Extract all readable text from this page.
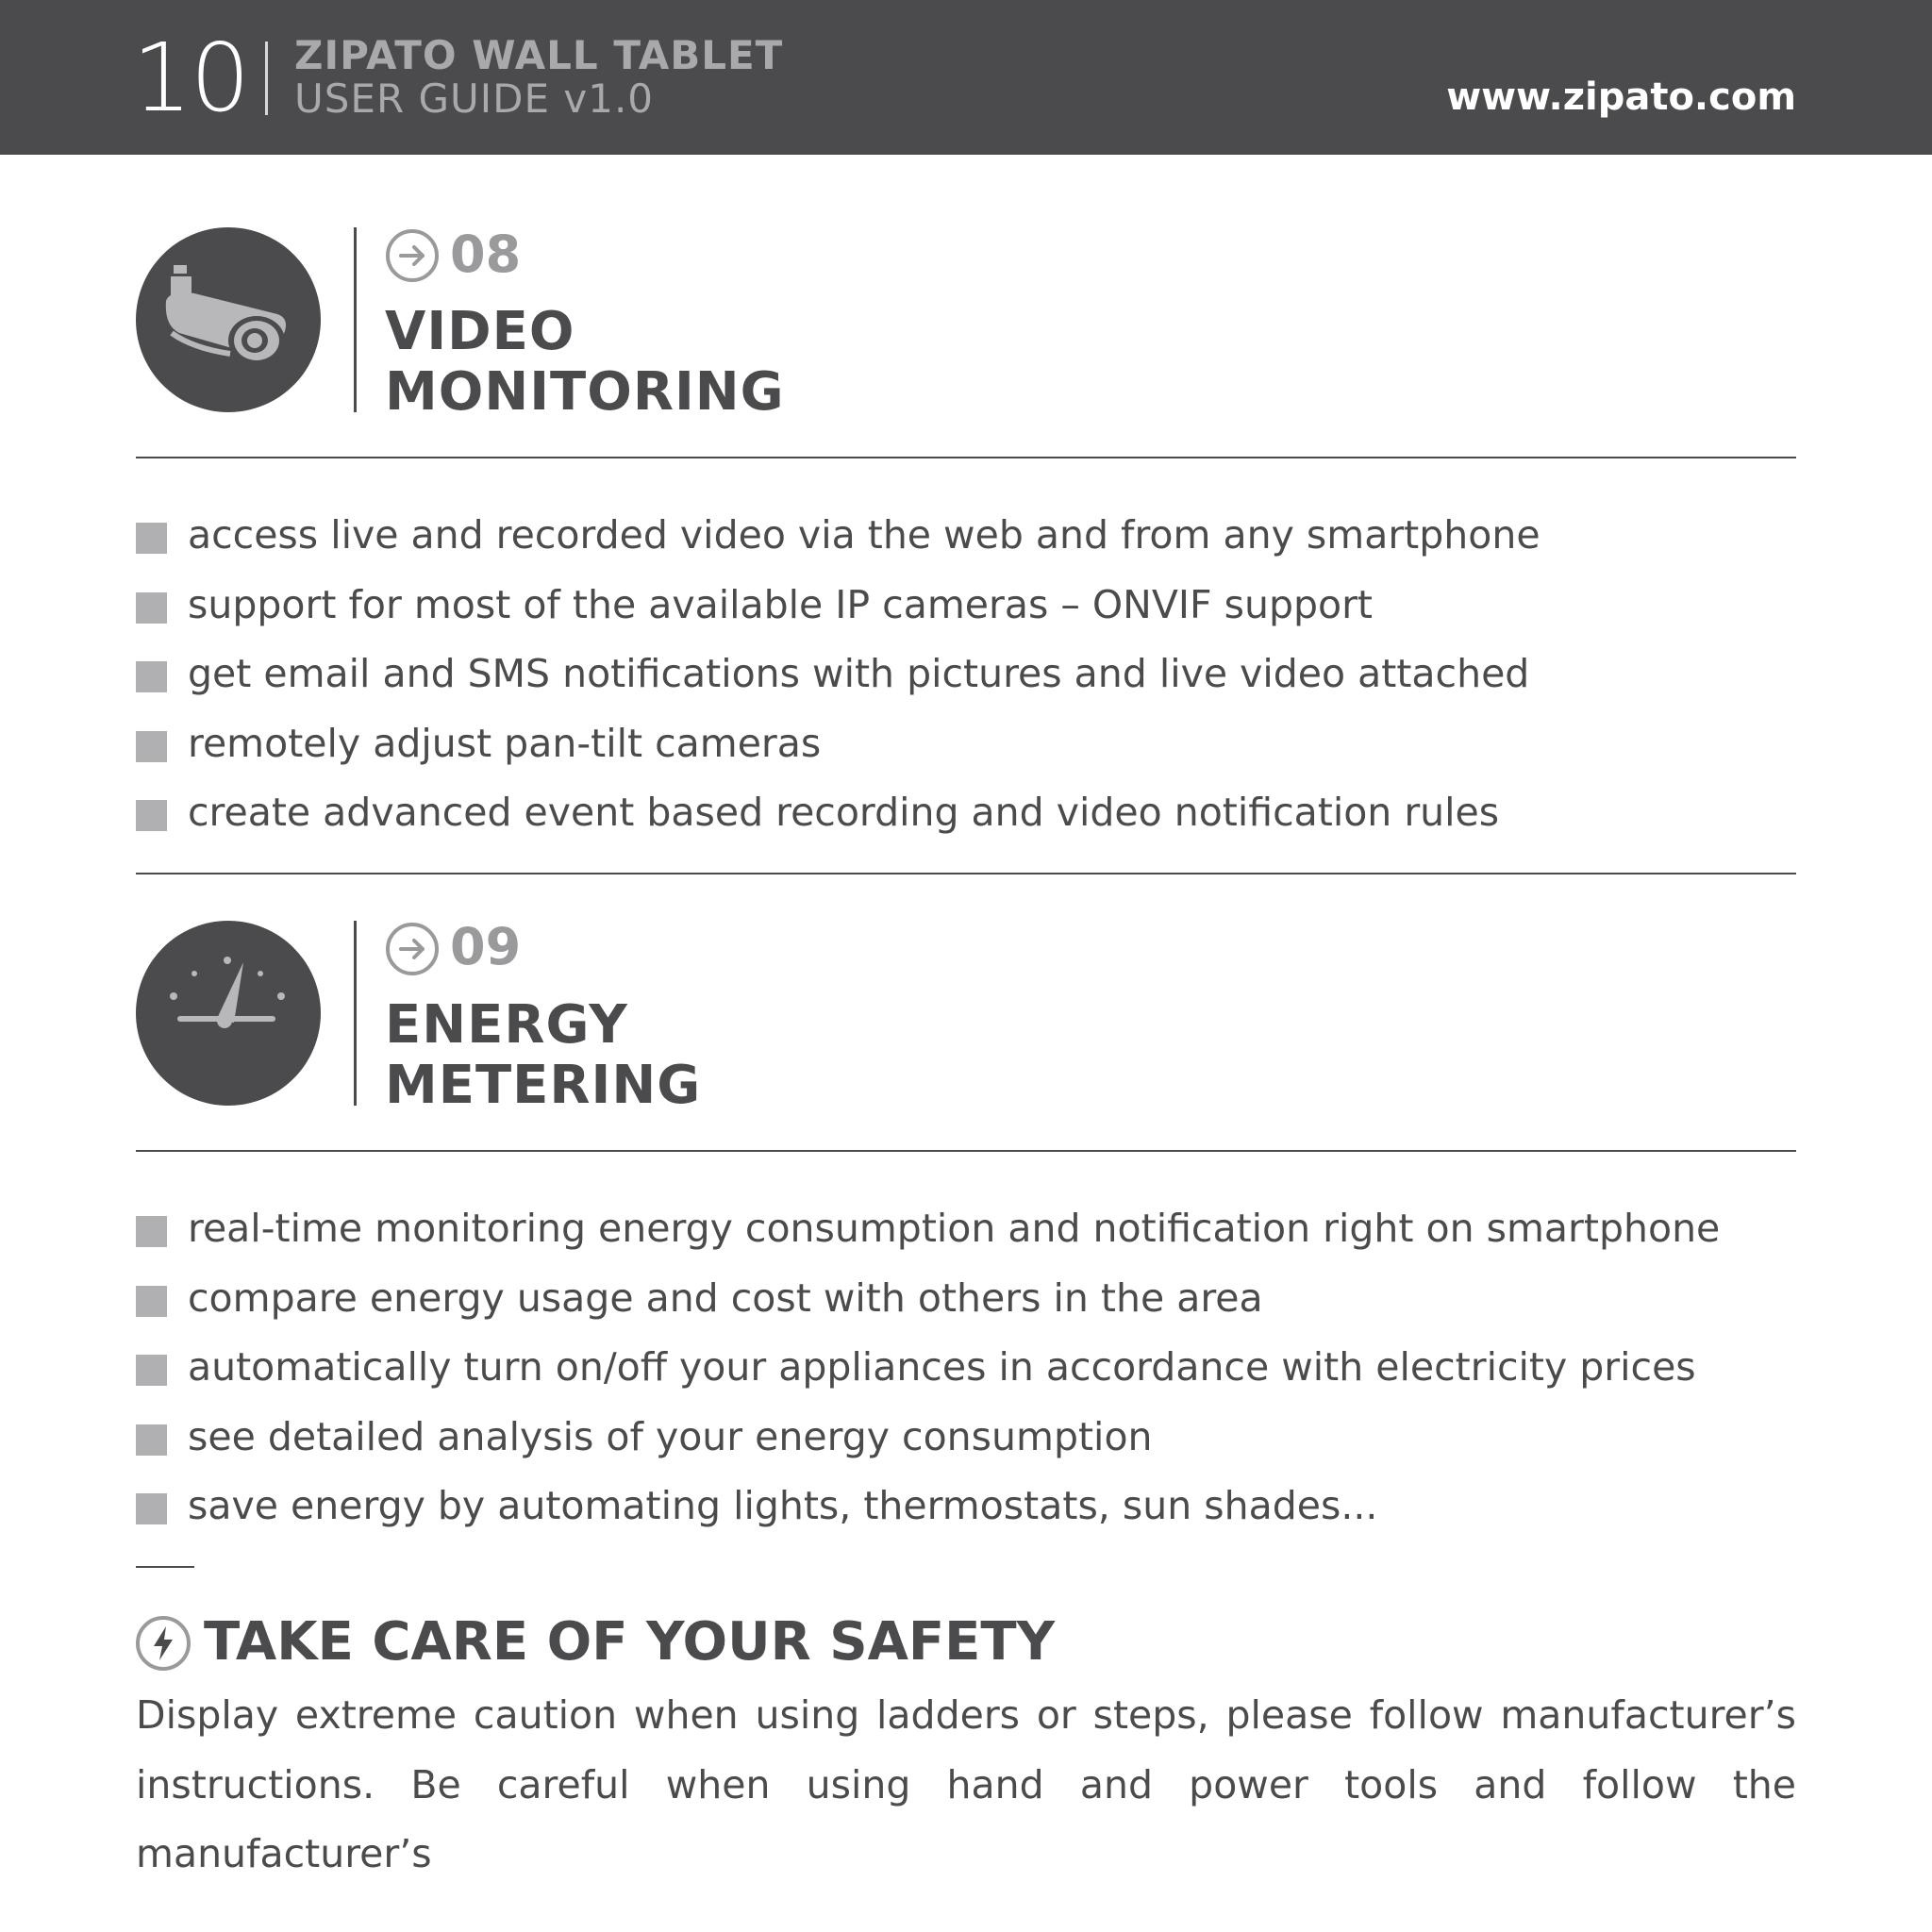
10 ZIPATO WALL TABLET
USER GUIDE v1.0	www.zipato.com
08
VIDEO
MONITORING
access live and recorded video via the web and from any smartphone
support for most of the available IP cameras – ONVIF support
get email and SMS notifications with pictures and live video attached
remotely adjust pan-tilt cameras
create advanced event based recording and video notification rules
09
ENERGY
METERING
real-time monitoring energy consumption and notification right on smartphone
compare energy usage and cost with others in the area
automatically turn on/off your appliances in accordance with electricity prices
see detailed analysis of your energy consumption
save energy by automating lights, thermostats, sun shades...
TAKE CARE OF YOUR SAFETY
Display extreme caution when using ladders or steps, please follow manufacturer’s instructions. Be careful when using hand and power tools and follow the manufacturer’s
